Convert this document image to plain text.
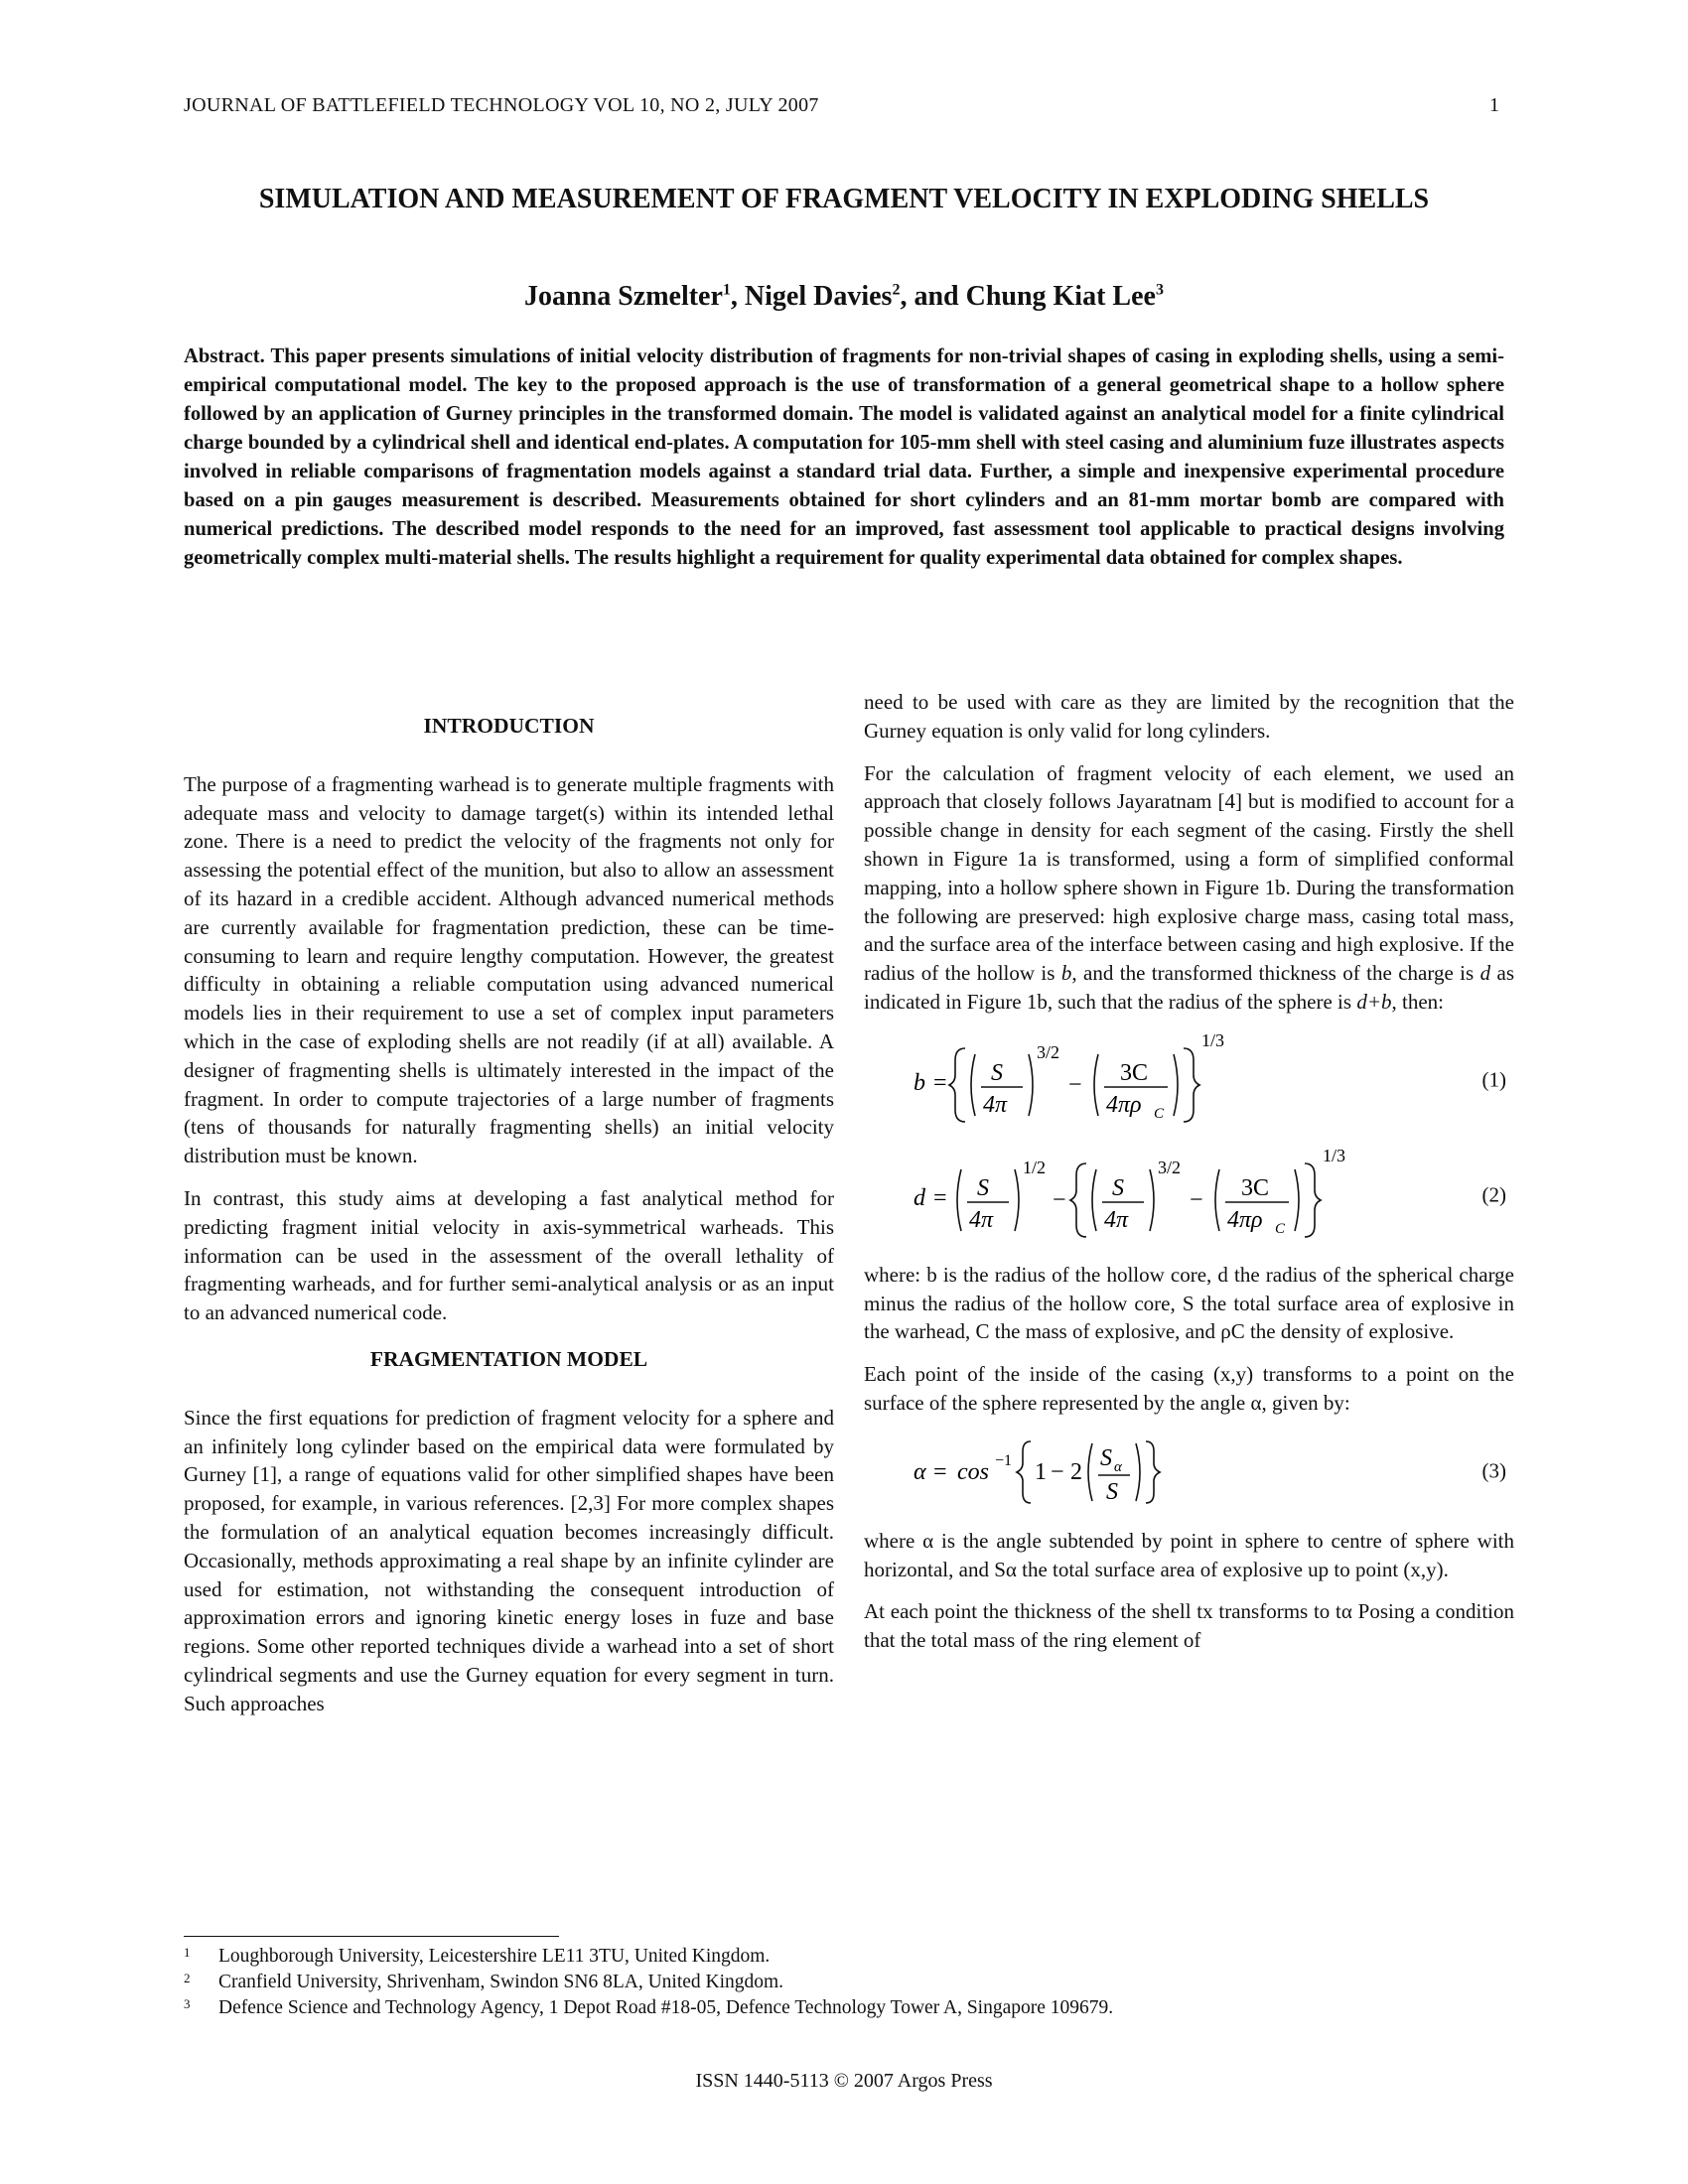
JOURNAL OF BATTLEFIELD TECHNOLOGY VOL 10, NO 2, JULY 2007	1
SIMULATION AND MEASUREMENT OF FRAGMENT VELOCITY IN EXPLODING SHELLS
Joanna Szmelter$^1$, Nigel Davies$^2$, and Chung Kiat Lee$^3$
Abstract. This paper presents simulations of initial velocity distribution of fragments for non-trivial shapes of casing in exploding shells, using a semi-empirical computational model. The key to the proposed approach is the use of transformation of a general geometrical shape to a hollow sphere followed by an application of Gurney principles in the transformed domain. The model is validated against an analytical model for a finite cylindrical charge bounded by a cylindrical shell and identical end-plates. A computation for 105-mm shell with steel casing and aluminium fuze illustrates aspects involved in reliable comparisons of fragmentation models against a standard trial data. Further, a simple and inexpensive experimental procedure based on a pin gauges measurement is described. Measurements obtained for short cylinders and an 81-mm mortar bomb are compared with numerical predictions. The described model responds to the need for an improved, fast assessment tool applicable to practical designs involving geometrically complex multi-material shells. The results highlight a requirement for quality experimental data obtained for complex shapes.
INTRODUCTION

The purpose of a fragmenting warhead is to generate multiple fragments with adequate mass and velocity to damage target(s) within its intended lethal zone. There is a need to predict the velocity of the fragments not only for assessing the potential effect of the munition, but also to allow an assessment of its hazard in a credible accident. Although advanced numerical methods are currently available for fragmentation prediction, these can be time-consuming to learn and require lengthy computation. However, the greatest difficulty in obtaining a reliable computation using advanced numerical models lies in their requirement to use a set of complex input parameters which in the case of exploding shells are not readily (if at all) available. A designer of fragmenting shells is ultimately interested in the impact of the fragment. In order to compute trajectories of a large number of fragments (tens of thousands for naturally fragmenting shells) an initial velocity distribution must be known.

In contrast, this study aims at developing a fast analytical method for predicting fragment initial velocity in axis-symmetrical warheads. This information can be used in the assessment of the overall lethality of fragmenting warheads, and for further semi-analytical analysis or as an input to an advanced numerical code.

FRAGMENTATION MODEL

Since the first equations for prediction of fragment velocity for a sphere and an infinitely long cylinder based on the empirical data were formulated by Gurney [1], a range of equations valid for other simplified shapes have been proposed, for example, in various references. [2,3] For more complex shapes the formulation of an analytical equation becomes increasingly difficult. Occasionally, methods approximating a real shape by an infinite cylinder are used for estimation, not withstanding the consequent introduction of approximation errors and ignoring kinetic energy loses in fuze and base regions. Some other reported techniques divide a warhead into a set of short cylindrical segments and use the Gurney equation for every segment in turn. Such approaches

need to be used with care as they are limited by the recognition that the Gurney equation is only valid for long cylinders.

For the calculation of fragment velocity of each element, we used an approach that closely follows Jayaratnam [4] but is modified to account for a possible change in density for each segment of the casing. Firstly the shell shown in Figure 1a is transformed, using a form of simplified conformal mapping, into a hollow sphere shown in Figure 1b. During the transformation the following are preserved: high explosive charge mass, casing total mass, and the surface area of the interface between casing and high explosive. If the radius of the hollow is b, and the transformed thickness of the charge is d as indicated in Figure 1b, such that the radius of the sphere is d+b, then:

b = S
4π
3/2
− 3C
4πρ C
1/3
(1)
d = S
4π
1/2
− S
4π
3/2
− 3C
4πρ C
1/3
(2)

where: b is the radius of the hollow core, d the radius of the spherical charge minus the radius of the hollow core, S the total surface area of explosive in the warhead, C the mass of explosive, and ρC the density of explosive.

Each point of the inside of the casing (x,y) transforms to a point on the surface of the sphere represented by the angle α, given by:

α = cos −1 1 − 2
S α
S
(3)

where α is the angle subtended by point in sphere to centre of sphere with horizontal, and Sα the total surface area of explosive up to point (x,y).

At each point the thickness of the shell tx transforms to tα Posing a condition that the total mass of the ring element of

1 Loughborough University, Leicestershire LE11 3TU, United Kingdom.
2 Cranfield University, Shrivenham, Swindon SN6 8LA, United Kingdom.
3 Defence Science and Technology Agency, 1 Depot Road #18-05, Defence Technology Tower A, Singapore 109679.
ISSN 1440-5113 © 2007 Argos Press
